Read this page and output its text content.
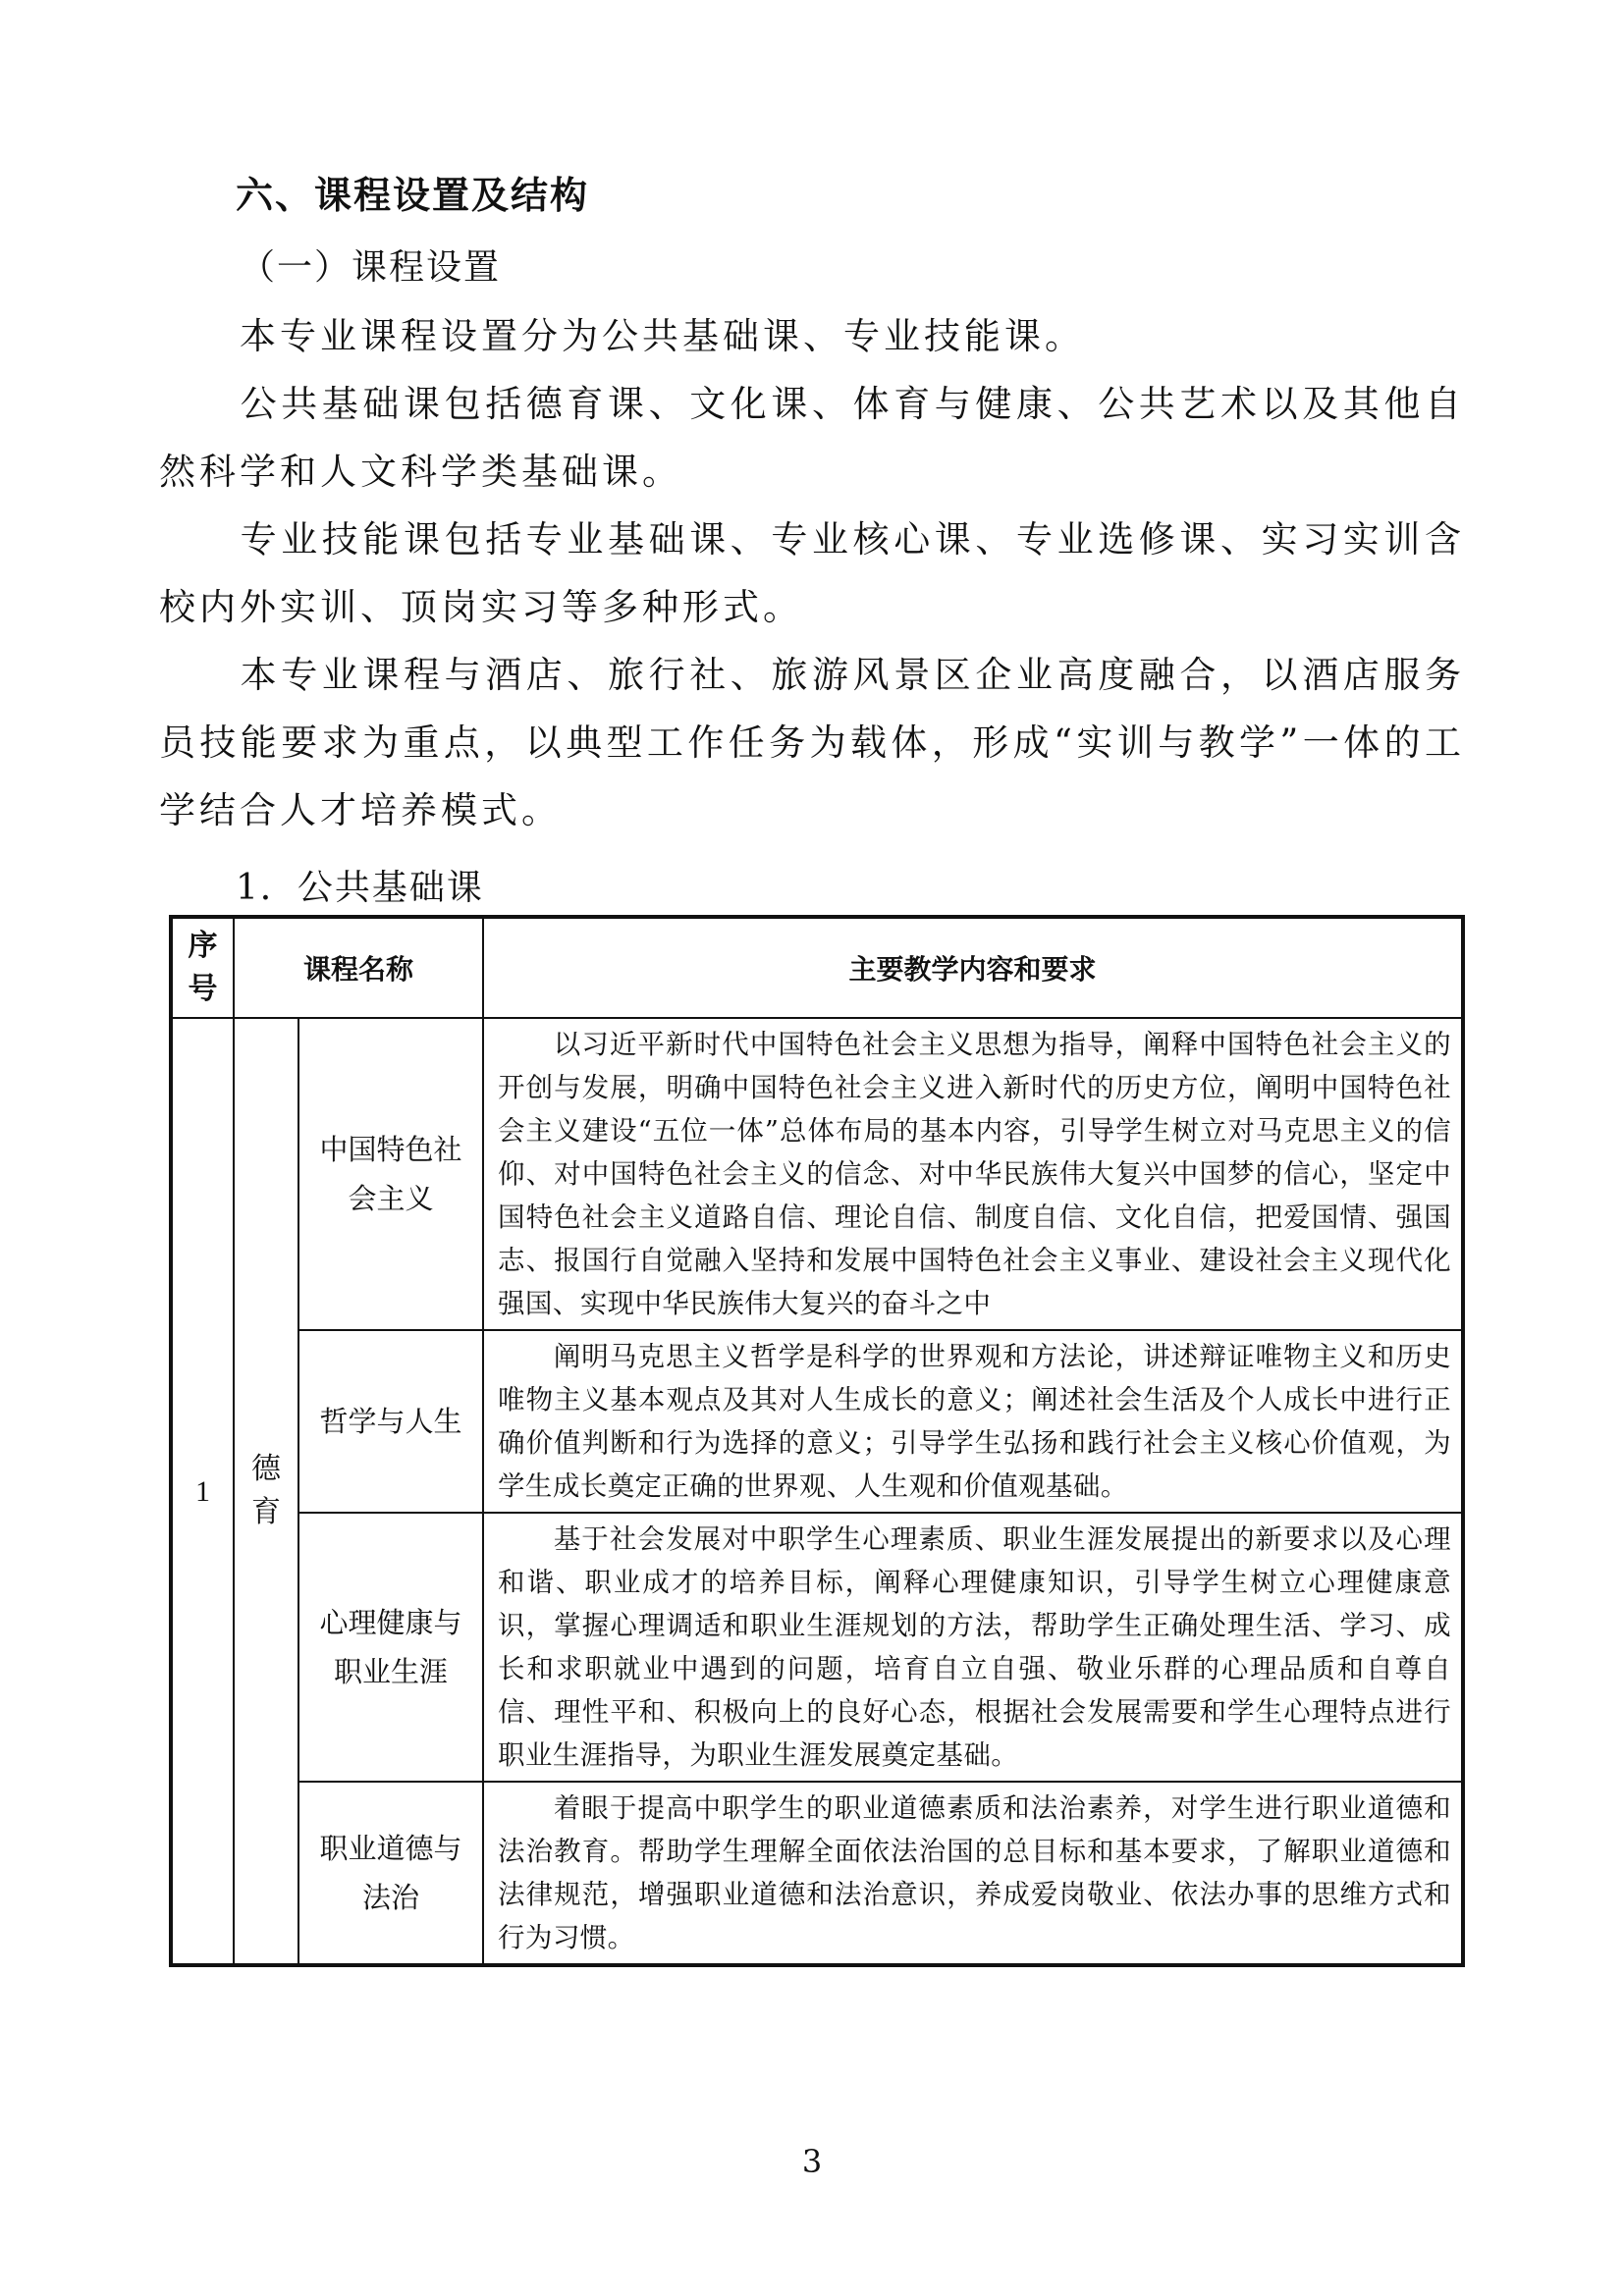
六、课程设置及结构
（一）课程设置
本专业课程设置分为公共基础课、专业技能课。
公共基础课包括德育课、文化课、体育与健康、公共艺术以及其他自然科学和人文科学类基础课。
专业技能课包括专业基础课、专业核心课、专业选修课、实习实训含校内外实训、顶岗实习等多种形式。
本专业课程与酒店、旅行社、旅游风景区企业高度融合，以酒店服务员技能要求为重点，以典型工作任务为载体，形成“实训与教学”一体的工学结合人才培养模式。
1．公共基础课
序号	课程名称		主要教学内容和要求
1	德育	中国特色社会主义	以习近平新时代中国特色社会主义思想为指导，阐释中国特色社会主义的开创与发展，明确中国特色社会主义进入新时代的历史方位，阐明中国特色社会主义建设“五位一体”总体布局的基本内容，引导学生树立对马克思主义的信仰、对中国特色社会主义的信念、对中华民族伟大复兴中国梦的信心，坚定中国特色社会主义道路自信、理论自信、制度自信、文化自信，把爱国情、强国志、报国行自觉融入坚持和发展中国特色社会主义事业、建设社会主义现代化强国、实现中华民族伟大复兴的奋斗之中
		哲学与人生	阐明马克思主义哲学是科学的世界观和方法论，讲述辩证唯物主义和历史唯物主义基本观点及其对人生成长的意义；阐述社会生活及个人成长中进行正确价值判断和行为选择的意义；引导学生弘扬和践行社会主义核心价值观，为学生成长奠定正确的世界观、人生观和价值观基础。
		心理健康与职业生涯	基于社会发展对中职学生心理素质、职业生涯发展提出的新要求以及心理和谐、职业成才的培养目标，阐释心理健康知识，引导学生树立心理健康意识，掌握心理调适和职业生涯规划的方法，帮助学生正确处理生活、学习、成长和求职就业中遇到的问题，培育自立自强、敬业乐群的心理品质和自尊自信、理性平和、积极向上的良好心态，根据社会发展需要和学生心理特点进行职业生涯指导，为职业生涯发展奠定基础。
		职业道德与法治	着眼于提高中职学生的职业道德素质和法治素养，对学生进行职业道德和法治教育。帮助学生理解全面依法治国的总目标和基本要求，了解职业道德和法律规范，增强职业道德和法治意识，养成爱岗敬业、依法办事的思维方式和行为习惯。
3
